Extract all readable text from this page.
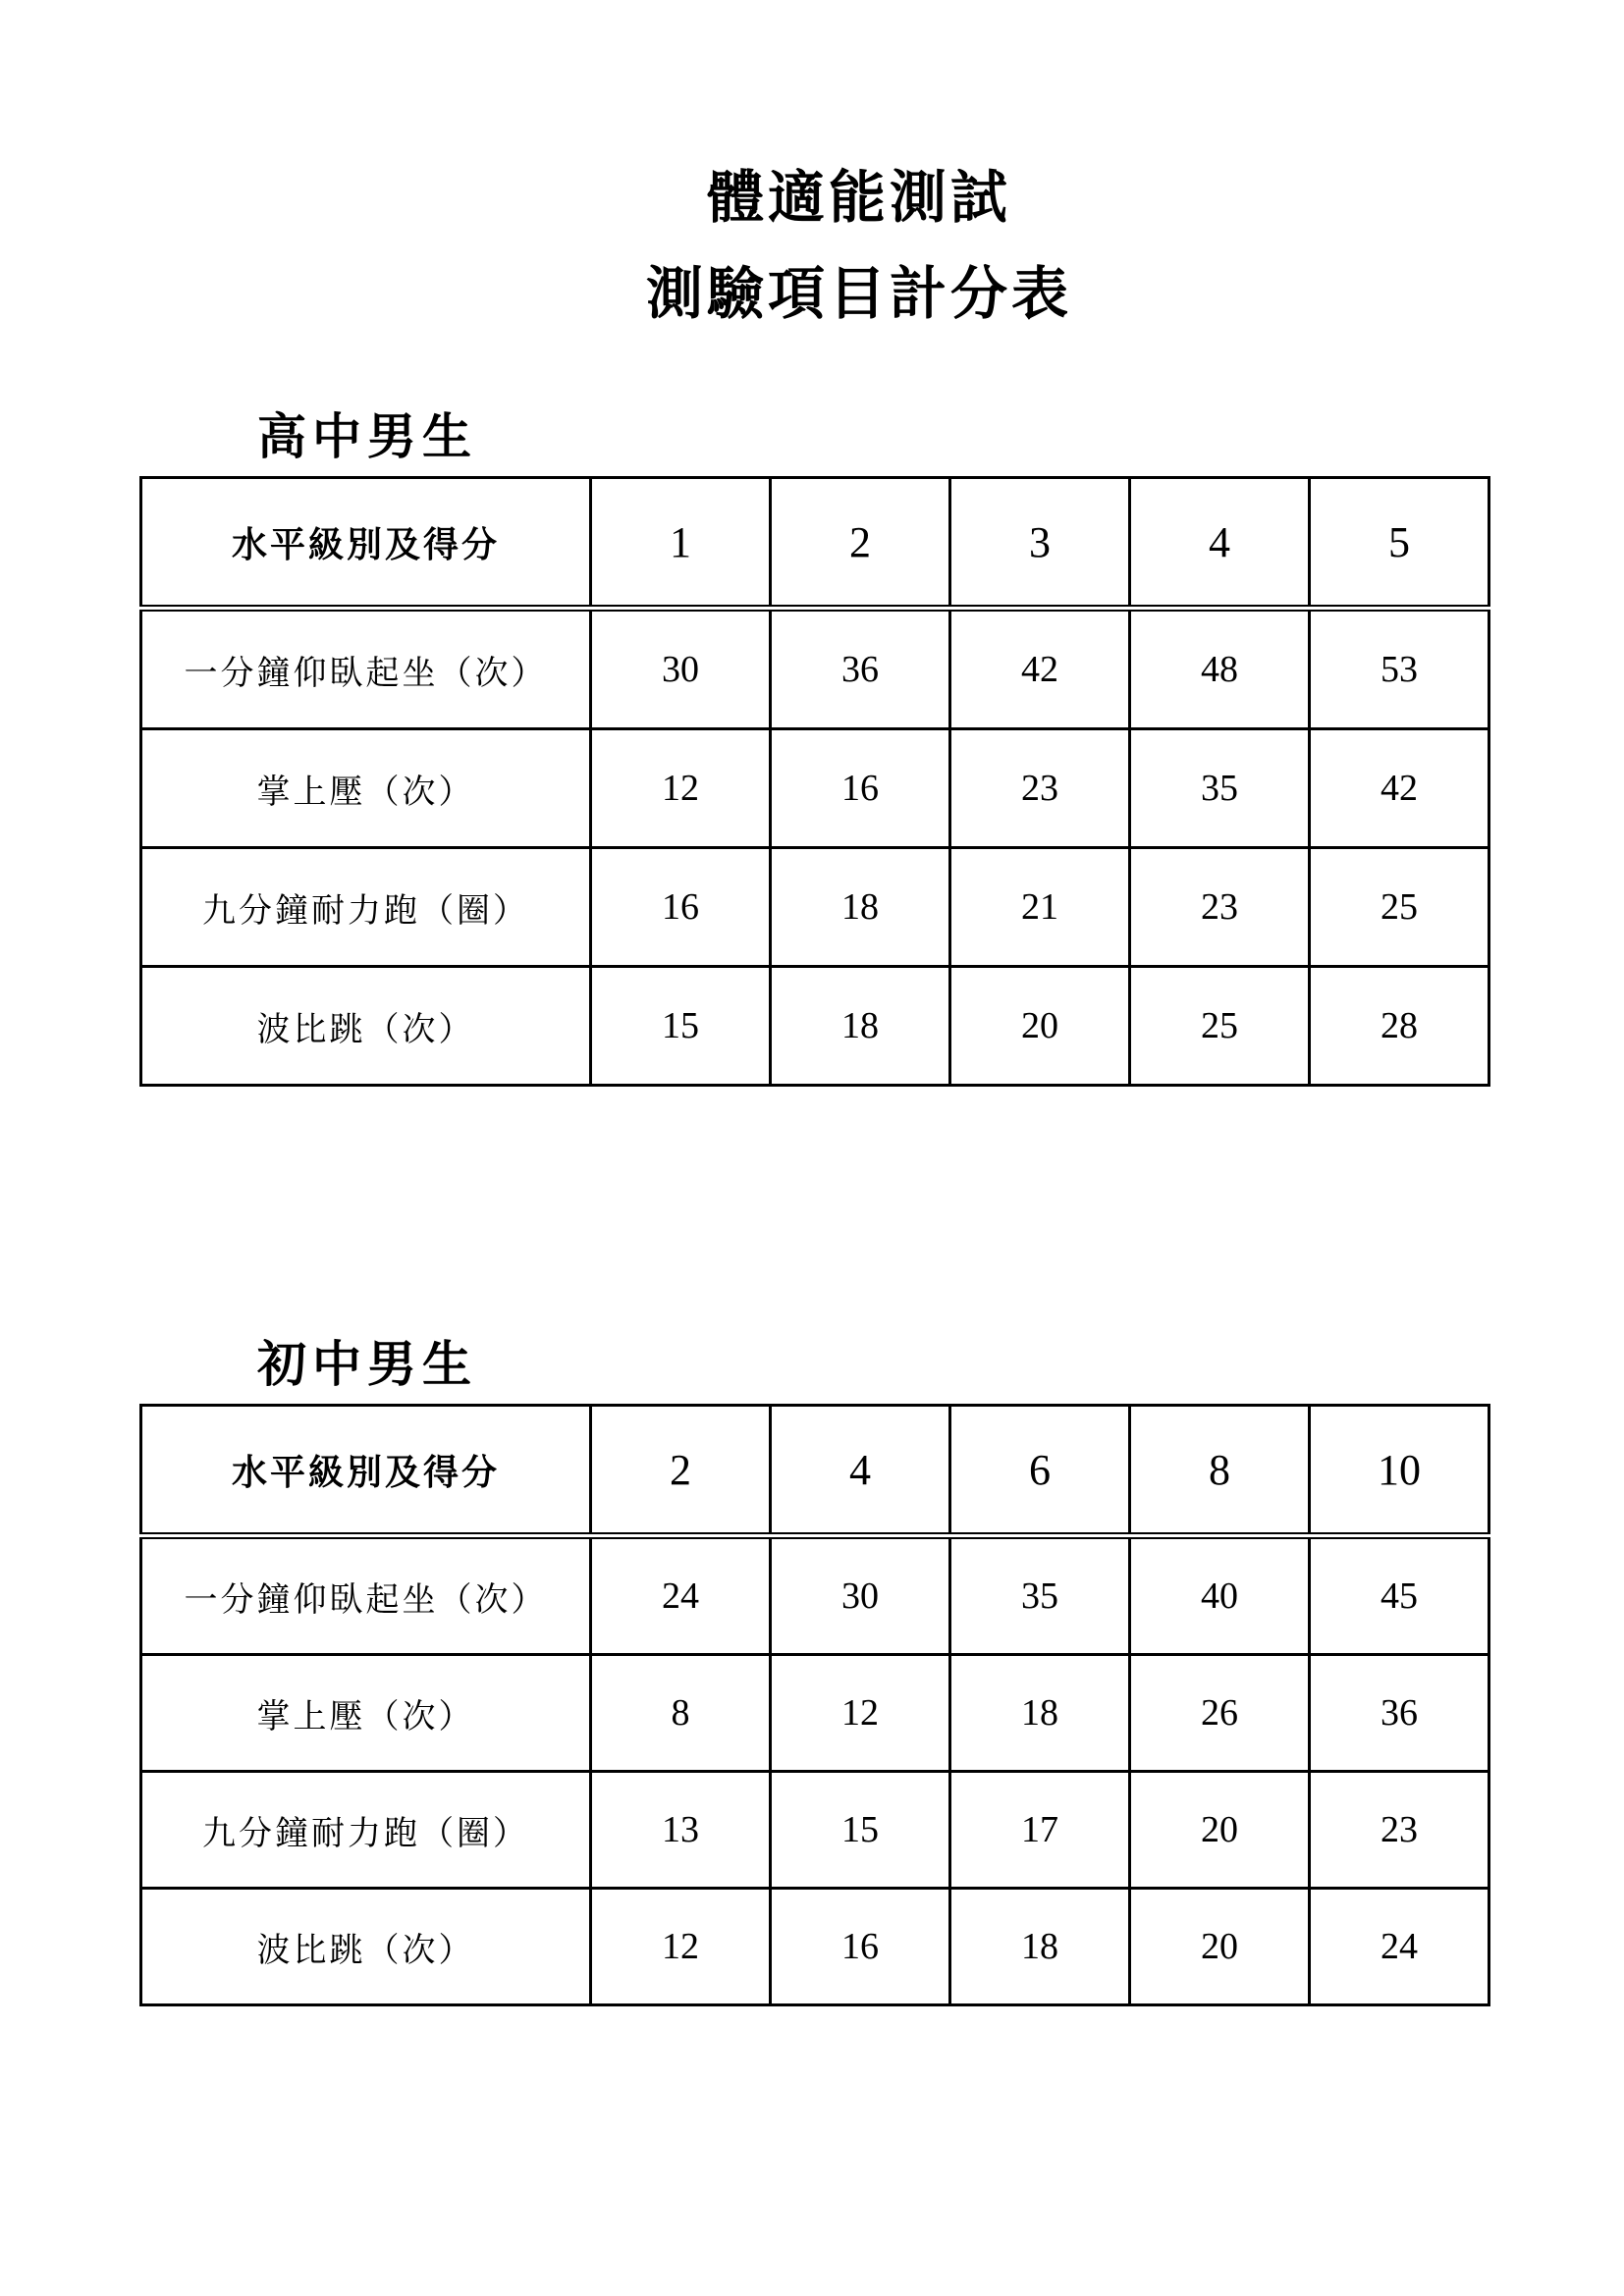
體適能測試
測驗項目計分表
高中男生
水平級別及得分	1	2	3	4	5
一分鐘仰臥起坐（次）	30	36	42	48	53
掌上壓（次）	12	16	23	35	42
九分鐘耐力跑（圈）	16	18	21	23	25
波比跳（次）	15	18	20	25	28
初中男生
水平級別及得分	2	4	6	8	10
一分鐘仰臥起坐（次）	24	30	35	40	45
掌上壓（次）	8	12	18	26	36
九分鐘耐力跑（圈）	13	15	17	20	23
波比跳（次）	12	16	18	20	24
